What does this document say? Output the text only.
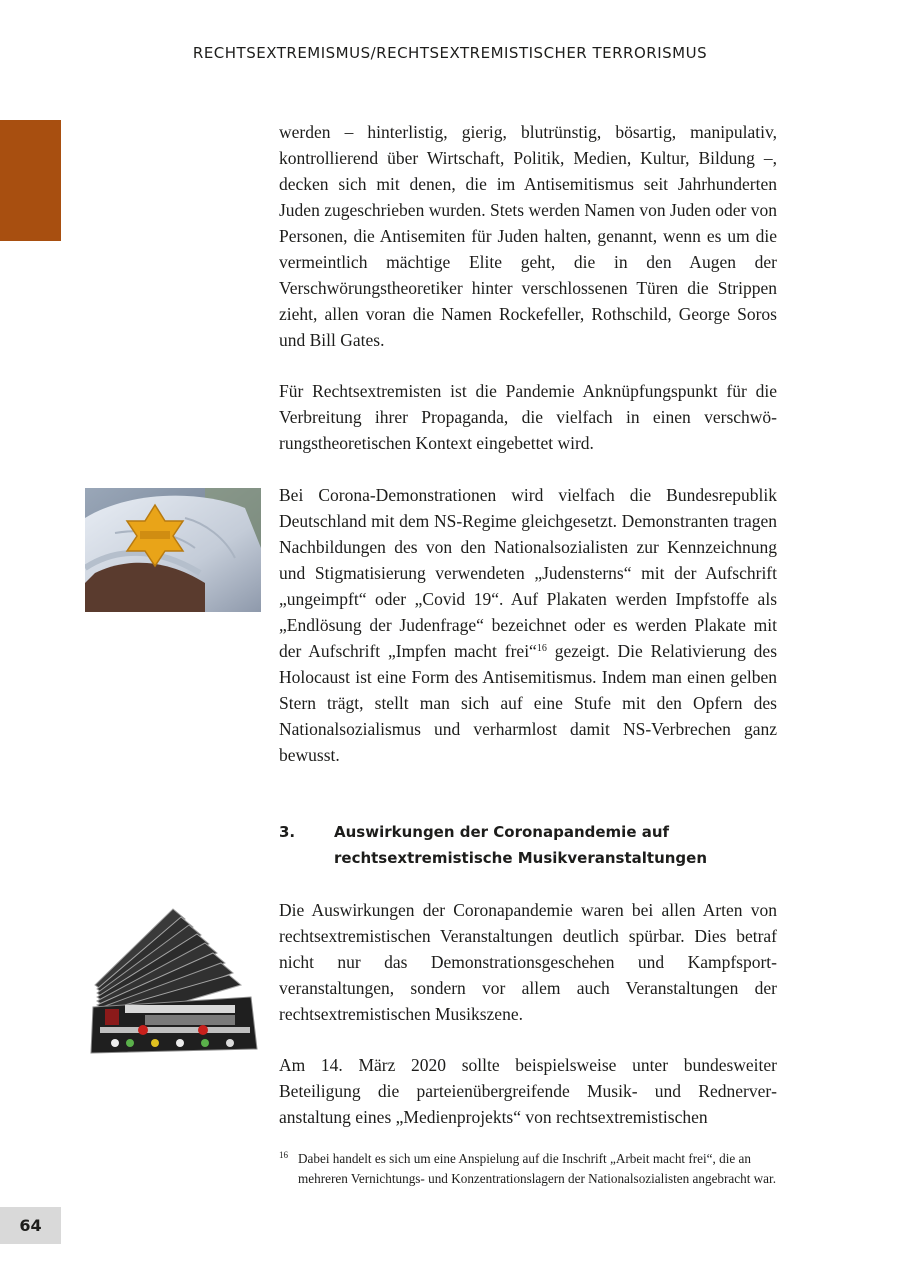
RECHTSEXTREMISMUS/RECHTSEXTREMISTISCHER TERRORISMUS

werden – hinterlistig, gierig, blutrünstig, bösartig, manipulativ, kontrollierend über Wirtschaft, Politik, Medien, Kultur, Bildung –, decken sich mit denen, die im Antisemitismus seit Jahrhunderten Juden zugeschrieben wurden. Stets werden Namen von Juden oder von Personen, die Antisemiten für Juden halten, genannt, wenn es um die vermeintlich mächtige Elite geht, die in den Augen der Verschwörungstheoretiker hinter verschlossenen Türen die Strippen zieht, allen voran die Namen Rockefeller, Rothschild, George Soros und Bill Gates.

Für Rechtsextremisten ist die Pandemie Anknüpfungspunkt für die Verbreitung ihrer Propaganda, die vielfach in einen verschwörungstheoretischen Kontext eingebettet wird.

Bei Corona-Demonstrationen wird vielfach die Bundesrepublik Deutschland mit dem NS-Regime gleichgesetzt. Demonstranten tragen Nachbildungen des von den Nationalsozialisten zur Kennzeichnung und Stigmatisierung verwendeten „Judensterns“ mit der Aufschrift „ungeimpft“ oder „Covid 19“. Auf Plakaten werden Impfstoffe als „Endlösung der Judenfrage“ bezeichnet oder es werden Plakate mit der Aufschrift „Impfen macht frei“$^{16}$ gezeigt. Die Relativierung des Holocaust ist eine Form des Antisemitismus. Indem man einen gelben Stern trägt, stellt man sich auf eine Stufe mit den Opfern des Nationalsozialismus und verharmlost damit NS-Verbrechen ganz bewusst.

3.	Auswirkungen der Coronapandemie auf rechtsextremistische Musikveranstaltungen

Die Auswirkungen der Coronapandemie waren bei allen Arten von rechtsextremistischen Veranstaltungen deutlich spürbar. Dies betraf nicht nur das Demonstrationsgeschehen und Kampfsportveranstaltungen, sondern vor allem auch Veranstaltungen der rechtsextremistischen Musikszene.

Am 14. März 2020 sollte beispielsweise unter bundesweiter Beteiligung die parteienübergreifende Musik- und Rednerveranstaltung eines „Medienprojekts“ von rechtsextremistischen

16 Dabei handelt es sich um eine Anspielung auf die Inschrift „Arbeit macht frei“, die an mehreren Vernichtungs- und Konzentrationslagern der Nationalsozialisten angebracht war.
64
